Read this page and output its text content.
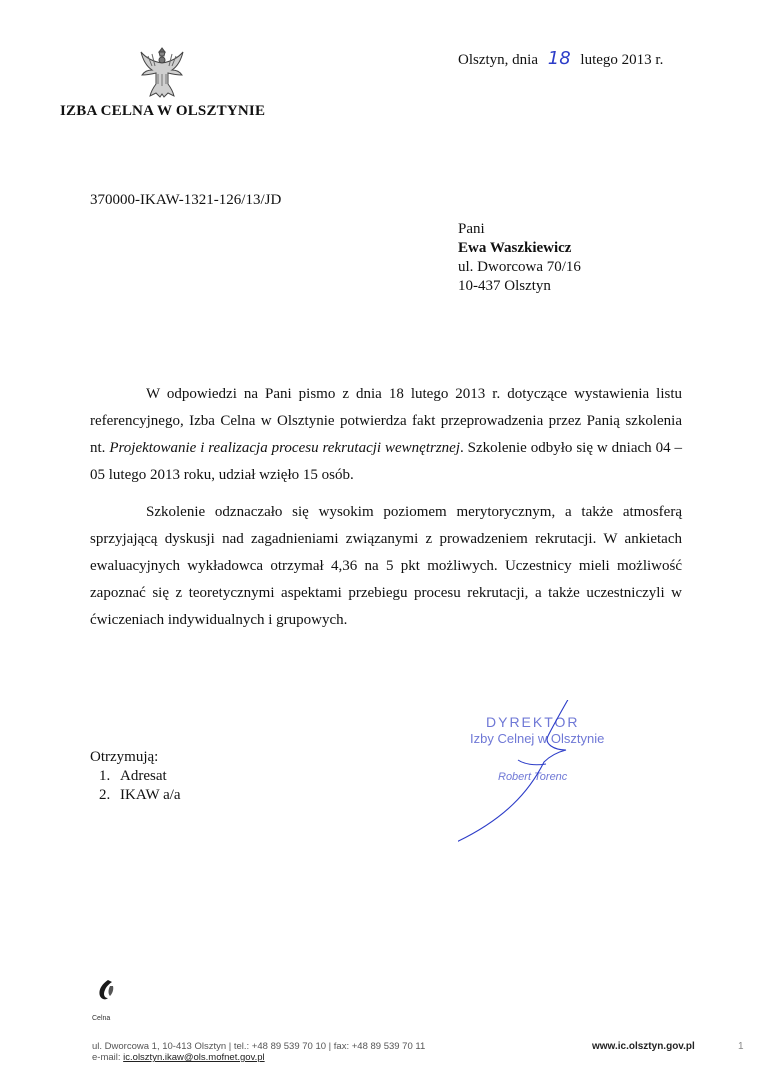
IZBA CELNA W OLSZTYNIE
Olsztyn, dnia 18 lutego 2013 r.
370000-IKAW-1321-126/13/JD
Pani
Ewa Waszkiewicz
ul. Dworcowa 70/16
10-437 Olsztyn
W odpowiedzi na Pani pismo z dnia 18 lutego 2013 r. dotyczące wystawienia listu referencyjnego, Izba Celna w Olsztynie potwierdza fakt przeprowadzenia przez Panią szkolenia nt. Projektowanie i realizacja procesu rekrutacji wewnętrznej. Szkolenie odbyło się w dniach 04 – 05 lutego 2013 roku, udział wzięło 15 osób.
Szkolenie odznaczało się wysokim poziomem merytorycznym, a także atmosferą sprzyjającą dyskusji nad zagadnieniami związanymi z prowadzeniem rekrutacji. W ankietach ewaluacyjnych wykładowca otrzymał 4,36 na 5 pkt możliwych. Uczestnicy mieli możliwość zapoznać się z teoretycznymi aspektami przebiegu procesu rekrutacji, a także uczestniczyli w ćwiczeniach indywidualnych i grupowych.
DYREKTOR
Izby Celnej w Olsztynie
Robert Torenc
Otrzymują:
1. Adresat
2. IKAW a/a
Celna
ul. Dworcowa 1, 10-413 Olsztyn | tel.: +48 89 539 70 10 | fax: +48 89 539 70 11
e-mail: ic.olsztyn.ikaw@ols.mofnet.gov.pl
www.ic.olsztyn.gov.pl	1
